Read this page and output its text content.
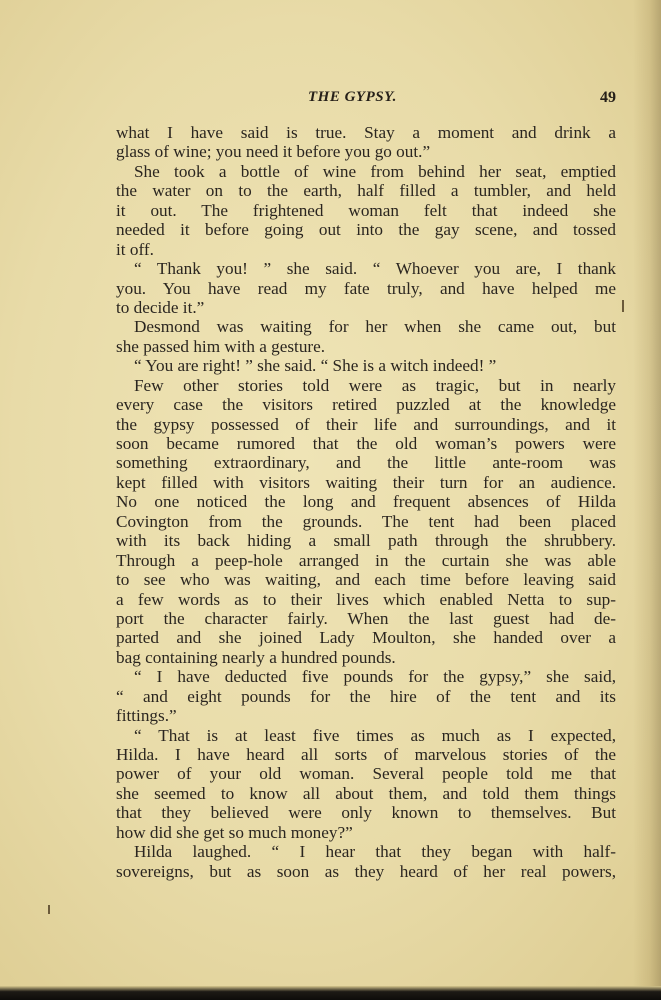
THE GYPSY.	49
what I have said is true. Stay a moment and drink a
glass of wine; you need it before you go out.”
She took a bottle of wine from behind her seat, emptied
the water on to the earth, half filled a tumbler, and held
it out. The frightened woman felt that indeed she
needed it before going out into the gay scene, and tossed
it off.
“ Thank you! ” she said. “ Whoever you are, I thank
you. You have read my fate truly, and have helped me
to decide it.”
Desmond was waiting for her when she came out, but
she passed him with a gesture.
“ You are right! ” she said. “ She is a witch indeed! ”
Few other stories told were as tragic, but in nearly
every case the visitors retired puzzled at the knowledge
the gypsy possessed of their life and surroundings, and it
soon became rumored that the old woman’s powers were
something extraordinary, and the little ante-room was
kept filled with visitors waiting their turn for an audience.
No one noticed the long and frequent absences of Hilda
Covington from the grounds. The tent had been placed
with its back hiding a small path through the shrubbery.
Through a peep-hole arranged in the curtain she was able
to see who was waiting, and each time before leaving said
a few words as to their lives which enabled Netta to sup-
port the character fairly. When the last guest had de-
parted and she joined Lady Moulton, she handed over a
bag containing nearly a hundred pounds.
“ I have deducted five pounds for the gypsy,” she said,
“ and eight pounds for the hire of the tent and its
fittings.”
“ That is at least five times as much as I expected,
Hilda. I have heard all sorts of marvelous stories of the
power of your old woman. Several people told me that
she seemed to know all about them, and told them things
that they believed were only known to themselves. But
how did she get so much money?”
Hilda laughed. “ I hear that they began with half-
sovereigns, but as soon as they heard of her real powers,
